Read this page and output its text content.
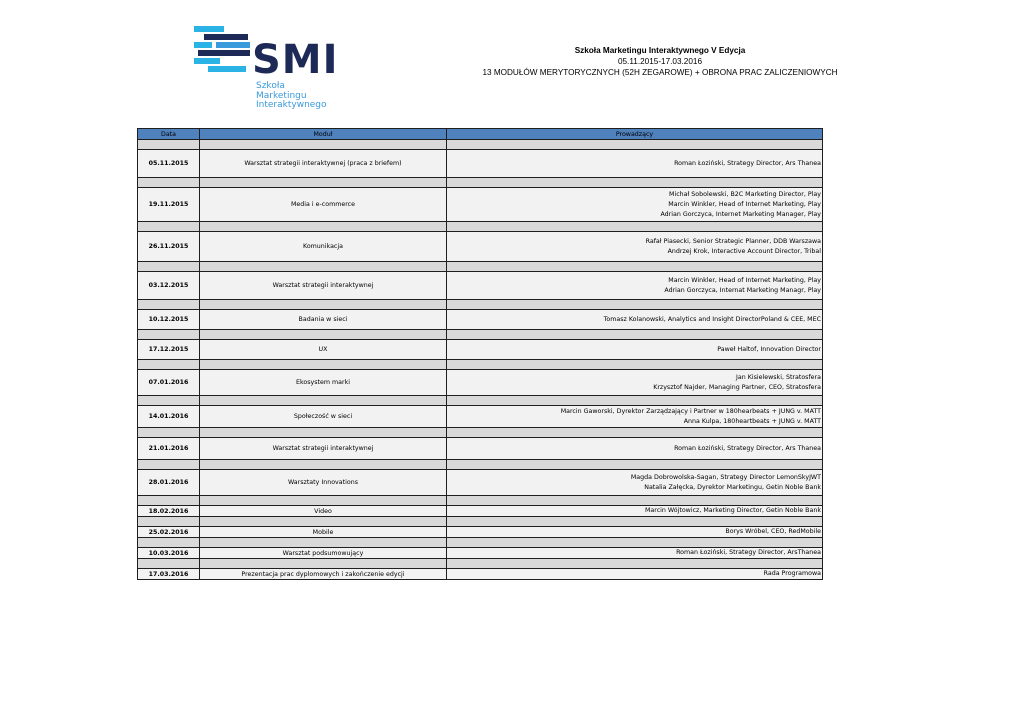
SMI
Szkoła
Marketingu
Interaktywnego
Szkoła Marketingu Interaktywnego V Edycja
05.11.2015-17.03.2016
13 MODUŁÓW MERYTORYCZNYCH (52H ZEGAROWE) + OBRONA PRAC ZALICZENIOWYCH
Data	Moduł	Prowadzący

05.11.2015	Warsztat strategii interaktywnej (praca z briefem)	Roman Łoziński, Strategy Director, Ars Thanea

19.11.2015	Media i e-commerce	Michał Sobolewski, B2C Marketing Director, Play
Marcin Winkler, Head of Internet Marketing, Play
Adrian Gorczyca, Internet Marketing Manager, Play

26.11.2015	Komunikacja	Rafał Piasecki, Senior Strategic Planner, DDB Warszawa
Andrzej Krok, Interactive Account Director, Tribal

03.12.2015	Warsztat strategii interaktywnej	Marcin Winkler, Head of Internet Marketing, Play
Adrian Gorczyca, Internat Marketing Managr, Play

10.12.2015	Badania w sieci	Tomasz Kolanowski, Analytics and Insight DirectorPoland & CEE, MEC

17.12.2015	UX	Paweł Haltof, Innovation Director

07.01.2016	Ekosystem marki	Jan Kisielewski, Stratosfera
Krzysztof Najder, Managing Partner, CEO, Stratosfera

14.01.2016	Społeczość w sieci	Marcin Gaworski, Dyrektor Zarządzający i Partner w 180hearbeats + JUNG v. MATT
Anna Kulpa, 180heartbeats + JUNG v. MATT

21.01.2016	Warsztat strategii interaktywnej	Roman Łoziński, Strategy Director, Ars Thanea

28.01.2016	Warsztaty Innovations	Magda Dobrowolska-Sagan, Strategy Director LemonSkyJWT
Natalia Załęcka, Dyrektor Marketingu, Getin Noble Bank

18.02.2016	Video	Marcin Wójtowicz, Marketing Director, Getin Noble Bank

25.02.2016	Mobile	Borys Wróbel, CEO, RedMobile

10.03.2016	Warsztat podsumowujący	Roman Łoziński, Strategy Director, ArsThanea

17.03.2016	Prezentacja prac dyplomowych i zakończenie edycji	Rada Programowa
